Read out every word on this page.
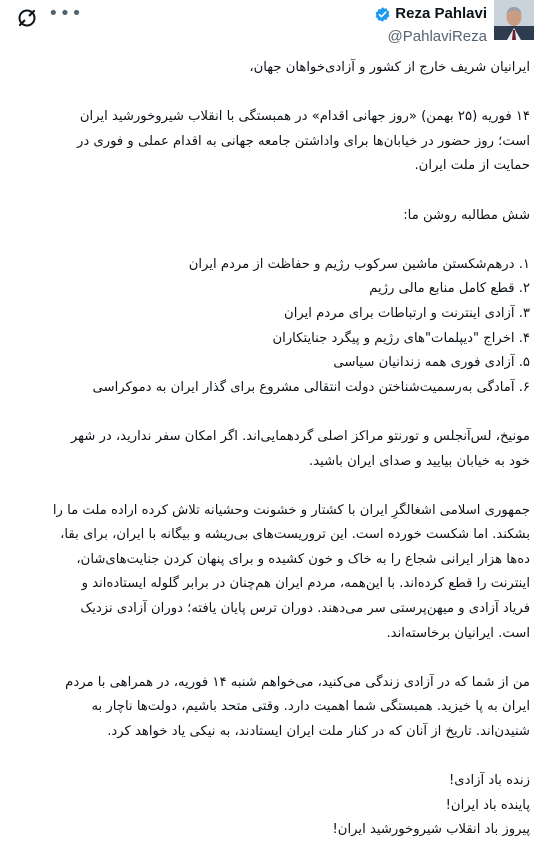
•••	Reza Pahlavi
@PahlaviReza
ایرانیان شریف خارج از کشور و آزادی‌خواهان جهان،
۱۴ فوریه (۲۵ بهمن) «روز جهانی اقدام» در همبستگی با انقلاب شیروخورشید ایران
است؛ روز حضور در خیابان‌ها برای واداشتن جامعه جهانی به اقدام عملی و فوری در
حمایت از ملت ایران.
شش مطالبه روشن ما:
۱. درهم‌شکستن ماشین سرکوب رژیم و حفاظت از مردم ایران
۲. قطع کامل منابع مالی رژیم
۳. آزادی اینترنت و ارتباطات برای مردم ایران
۴. اخراج "دیپلمات"های رژیم و پیگرد جنایتکاران
۵. آزادی فوری همه زندانیان سیاسی
۶. آمادگی به‌رسمیت‌شناختن دولت انتقالی مشروع برای گذار ایران به دموکراسی
مونیخ، لس‌آنجلس و تورنتو مراکز اصلی گردهمایی‌اند. اگر امکان سفر ندارید، در شهر
خود به خیابان بیایید و صدای ایران باشید.
جمهوری اسلامی اشغالگرِ ایران با کشتار و خشونت وحشیانه تلاش کرده اراده ملت ما را
بشکند. اما شکست خورده است. این تروریست‌های بی‌ریشه و بیگانه با ایران، برای بقا،
ده‌ها هزار ایرانی شجاع را به خاک و خون کشیده و برای پنهان کردن جنایت‌های‌شان،
اینترنت را قطع کرده‌اند. با این‌همه، مردم ایران هم‌چنان در برابر گلوله ایستاده‌اند و
فریاد آزادی و میهن‌پرستی سر می‌دهند. دوران ترس پایان یافته؛ دوران آزادی نزدیک
است. ایرانیان برخاسته‌اند.
من از شما که در آزادی زندگی می‌کنید، می‌خواهم شنبه ۱۴ فوریه، در همراهی با مردم
ایران به پا خیزید. همبستگی شما اهمیت دارد. وقتی متحد باشیم، دولت‌ها ناچار به
شنیدن‌اند. تاریخ از آنان که در کنار ملت ایران ایستادند، به نیکی یاد خواهد کرد.
زنده باد آزادی!
پاینده باد ایران!
پیروز باد انقلاب شیروخورشید ایران!
